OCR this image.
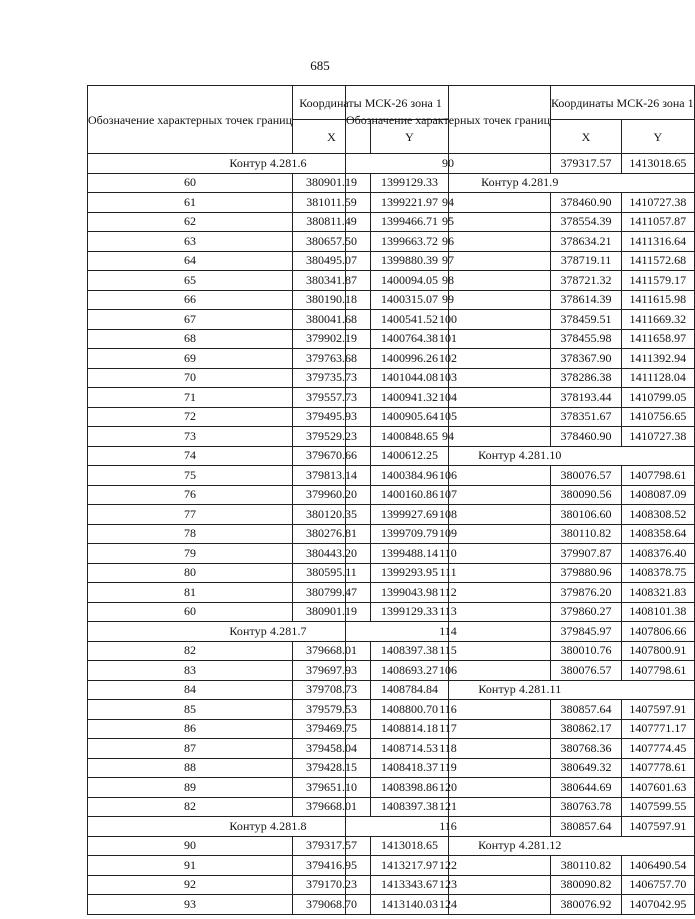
685
Обозначение характерных точек границ	Координаты МСК-26 зона 1	
	X	Y
Контур 4.281.6		
60	380901.19	1399129.33
61	381011.59	1399221.97
62	380811.49	1399466.71
63	380657.50	1399663.72
64	380495.07	1399880.39
65	380341.87	1400094.05
66	380190.18	1400315.07
67	380041.68	1400541.52
68	379902.19	1400764.38
69	379763.68	1400996.26
70	379735.73	1401044.08
71	379557.73	1400941.32
72	379495.93	1400905.64
73	379529.23	1400848.65
74	379670.66	1400612.25
75	379813.14	1400384.96
76	379960.20	1400160.86
77	380120.35	1399927.69
78	380276.81	1399709.79
79	380443.20	1399488.14
80	380595.11	1399293.95
81	380799.47	1399043.98
60	380901.19	1399129.33
Контур 4.281.7		
82	379668.01	1408397.38
83	379697.93	1408693.27
84	379708.73	1408784.84
85	379579.53	1408800.70
86	379469.75	1408814.18
87	379458.04	1408714.53
88	379428.15	1408418.37
89	379651.10	1408398.86
82	379668.01	1408397.38
Контур 4.281.8		
90	379317.57	1413018.65
91	379416.95	1413217.97
92	379170.23	1413343.67
93	379068.70	1413140.03
Обозначение характерных точек границ	Координаты МСК-26 зона 1	
	X	Y
90	379317.57	1413018.65
Контур 4.281.9		
94	378460.90	1410727.38
95	378554.39	1411057.87
96	378634.21	1411316.64
97	378719.11	1411572.68
98	378721.32	1411579.17
99	378614.39	1411615.98
100	378459.51	1411669.32
101	378455.98	1411658.97
102	378367.90	1411392.94
103	378286.38	1411128.04
104	378193.44	1410799.05
105	378351.67	1410756.65
94	378460.90	1410727.38
Контур 4.281.10		
106	380076.57	1407798.61
107	380090.56	1408087.09
108	380106.60	1408308.52
109	380110.82	1408358.64
110	379907.87	1408376.40
111	379880.96	1408378.75
112	379876.20	1408321.83
113	379860.27	1408101.38
114	379845.97	1407806.66
115	380010.76	1407800.91
106	380076.57	1407798.61
Контур 4.281.11		
116	380857.64	1407597.91
117	380862.17	1407771.17
118	380768.36	1407774.45
119	380649.32	1407778.61
120	380644.69	1407601.63
121	380763.78	1407599.55
116	380857.64	1407597.91
Контур 4.281.12		
122	380110.82	1406490.54
123	380090.82	1406757.70
124	380076.92	1407042.95
